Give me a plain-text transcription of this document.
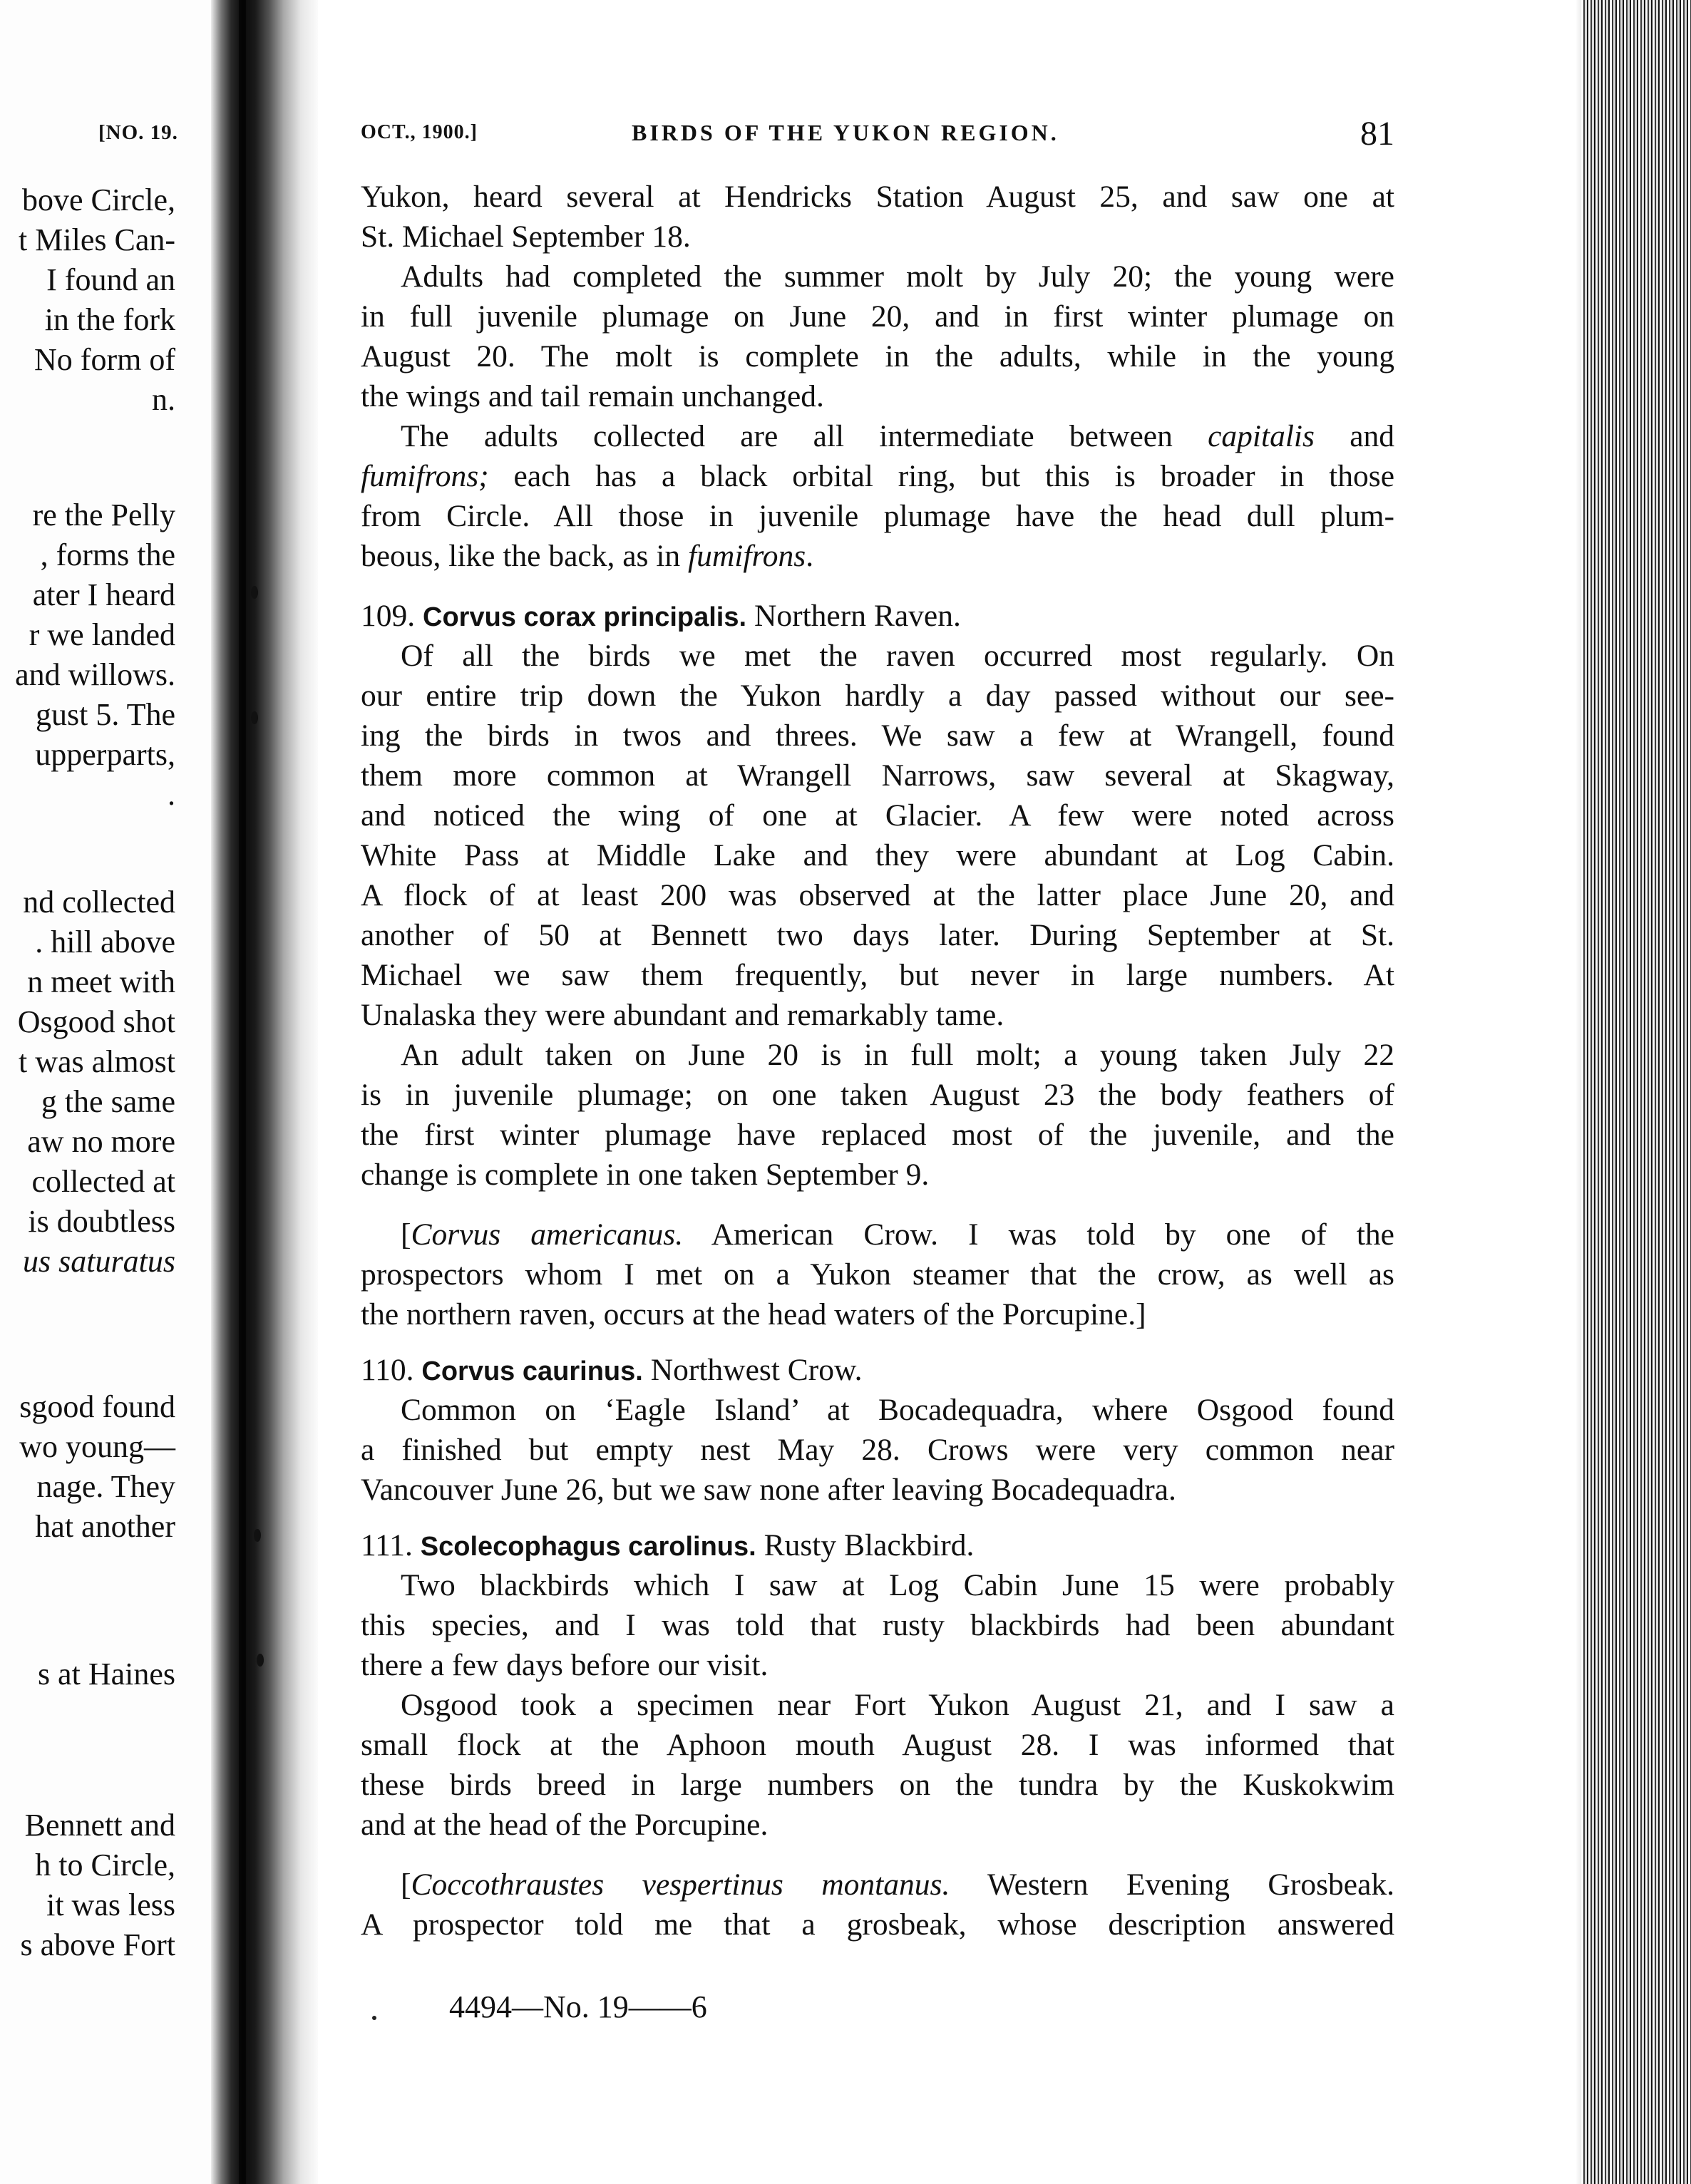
[NO. 19.
bove Circle,
t Miles Can-
I found an
in the fork
No form of
n.
re the Pelly
, forms the
ater I heard
r we landed
and willows.
gust 5. The
upperparts,
.
nd collected
. hill above
n meet with
Osgood shot
t was almost
g the same
aw no more
collected at
is doubtless
us saturatus
sgood found
wo young—
nage. They
hat another
s at Haines
Bennett and
h to Circle,
it was less
s above Fort
OCT., 1900.]	BIRDS OF THE YUKON REGION.	81
Yukon, heard several at Hendricks Station August 25, and saw one at
St. Michael September 18.
Adults had completed the summer molt by July 20; the young were
in full juvenile plumage on June 20, and in first winter plumage on
August 20. The molt is complete in the adults, while in the young
the wings and tail remain unchanged.
The adults collected are all intermediate between capitalis and
fumifrons; each has a black orbital ring, but this is broader in those
from Circle. All those in juvenile plumage have the head dull plum-
beous, like the back, as in fumifrons.
109. Corvus corax principalis. Northern Raven.
Of all the birds we met the raven occurred most regularly. On
our entire trip down the Yukon hardly a day passed without our see-
ing the birds in twos and threes. We saw a few at Wrangell, found
them more common at Wrangell Narrows, saw several at Skagway,
and noticed the wing of one at Glacier. A few were noted across
White Pass at Middle Lake and they were abundant at Log Cabin.
A flock of at least 200 was observed at the latter place June 20, and
another of 50 at Bennett two days later. During September at St.
Michael we saw them frequently, but never in large numbers. At
Unalaska they were abundant and remarkably tame.
An adult taken on June 20 is in full molt; a young taken July 22
is in juvenile plumage; on one taken August 23 the body feathers of
the first winter plumage have replaced most of the juvenile, and the
change is complete in one taken September 9.
[Corvus americanus. American Crow. I was told by one of the
prospectors whom I met on a Yukon steamer that the crow, as well as
the northern raven, occurs at the head waters of the Porcupine.]
110. Corvus caurinus. Northwest Crow.
Common on ‘Eagle Island’ at Bocadequadra, where Osgood found
a finished but empty nest May 28. Crows were very common near
Vancouver June 26, but we saw none after leaving Bocadequadra.
111. Scolecophagus carolinus. Rusty Blackbird.
Two blackbirds which I saw at Log Cabin June 15 were probably
this species, and I was told that rusty blackbirds had been abundant
there a few days before our visit.
Osgood took a specimen near Fort Yukon August 21, and I saw a
small flock at the Aphoon mouth August 28. I was informed that
these birds breed in large numbers on the tundra by the Kuskokwim
and at the head of the Porcupine.
[Coccothraustes vespertinus montanus. Western Evening Grosbeak.
A prospector told me that a grosbeak, whose description answered
4494—No. 19——6
